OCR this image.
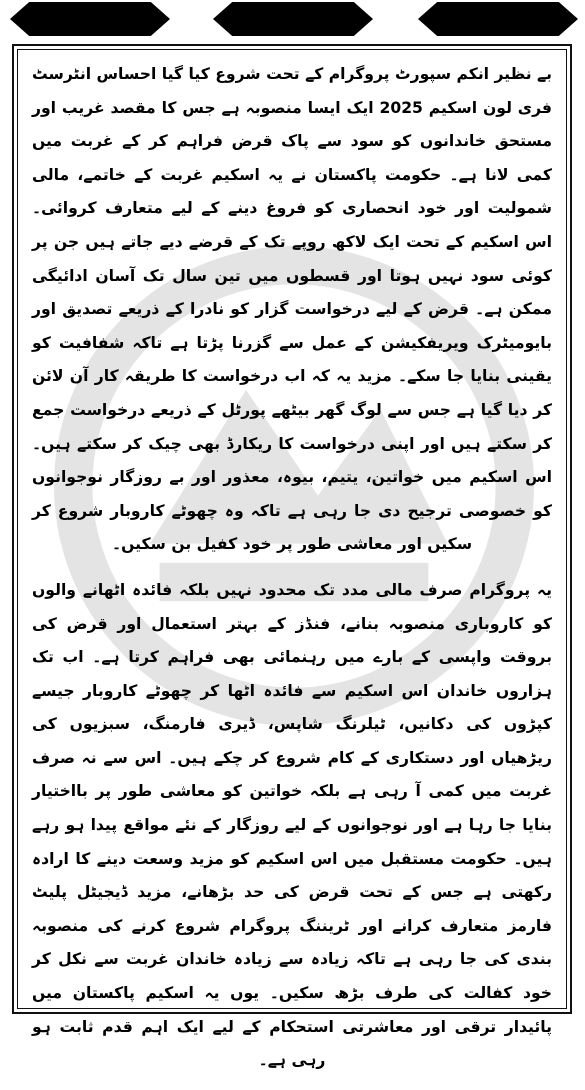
بے نظیر انکم سپورٹ پروگرام کے تحت شروع کیا گیا احساس انٹرسٹ فری لون اسکیم 2025 ایک ایسا منصوبہ ہے جس کا مقصد غریب اور مستحق خاندانوں کو سود سے پاک قرض فراہم کر کے غربت میں کمی لانا ہے۔ حکومت پاکستان نے یہ اسکیم غربت کے خاتمے، مالی شمولیت اور خود انحصاری کو فروغ دینے کے لیے متعارف کروائی۔ اس اسکیم کے تحت ایک لاکھ روپے تک کے قرضے دیے جاتے ہیں جن پر کوئی سود نہیں ہوتا اور قسطوں میں تین سال تک آسان ادائیگی ممکن ہے۔ قرض کے لیے درخواست گزار کو نادرا کے ذریعے تصدیق اور بایومیٹرک ویریفکیشن کے عمل سے گزرنا پڑتا ہے تاکہ شفافیت کو یقینی بنایا جا سکے۔ مزید یہ کہ اب درخواست کا طریقہ کار آن لائن کر دیا گیا ہے جس سے لوگ گھر بیٹھے پورٹل کے ذریعے درخواست جمع کر سکتے ہیں اور اپنی درخواست کا ریکارڈ بھی چیک کر سکتے ہیں۔ اس اسکیم میں خواتین، یتیم، بیوہ، معذور اور بے روزگار نوجوانوں کو خصوصی ترجیح دی جا رہی ہے تاکہ وہ چھوٹے کاروبار شروع کر سکیں اور معاشی طور پر خود کفیل بن سکیں۔

یہ پروگرام صرف مالی مدد تک محدود نہیں بلکہ فائدہ اٹھانے والوں کو کاروباری منصوبہ بنانے، فنڈز کے بہتر استعمال اور قرض کی بروقت واپسی کے بارے میں رہنمائی بھی فراہم کرتا ہے۔ اب تک ہزاروں خاندان اس اسکیم سے فائدہ اٹھا کر چھوٹے کاروبار جیسے کپڑوں کی دکانیں، ٹیلرنگ شاپس، ڈیری فارمنگ، سبزیوں کی ریڑھیاں اور دستکاری کے کام شروع کر چکے ہیں۔ اس سے نہ صرف غربت میں کمی آ رہی ہے بلکہ خواتین کو معاشی طور پر بااختیار بنایا جا رہا ہے اور نوجوانوں کے لیے روزگار کے نئے مواقع پیدا ہو رہے ہیں۔ حکومت مستقبل میں اس اسکیم کو مزید وسعت دینے کا ارادہ رکھتی ہے جس کے تحت قرض کی حد بڑھانے، مزید ڈیجیٹل پلیٹ فارمز متعارف کرانے اور ٹریننگ پروگرام شروع کرنے کی منصوبہ بندی کی جا رہی ہے تاکہ زیادہ سے زیادہ خاندان غربت سے نکل کر خود کفالت کی طرف بڑھ سکیں۔ یوں یہ اسکیم پاکستان میں پائیدار ترقی اور معاشرتی استحکام کے لیے ایک اہم قدم ثابت ہو رہی ہے۔
